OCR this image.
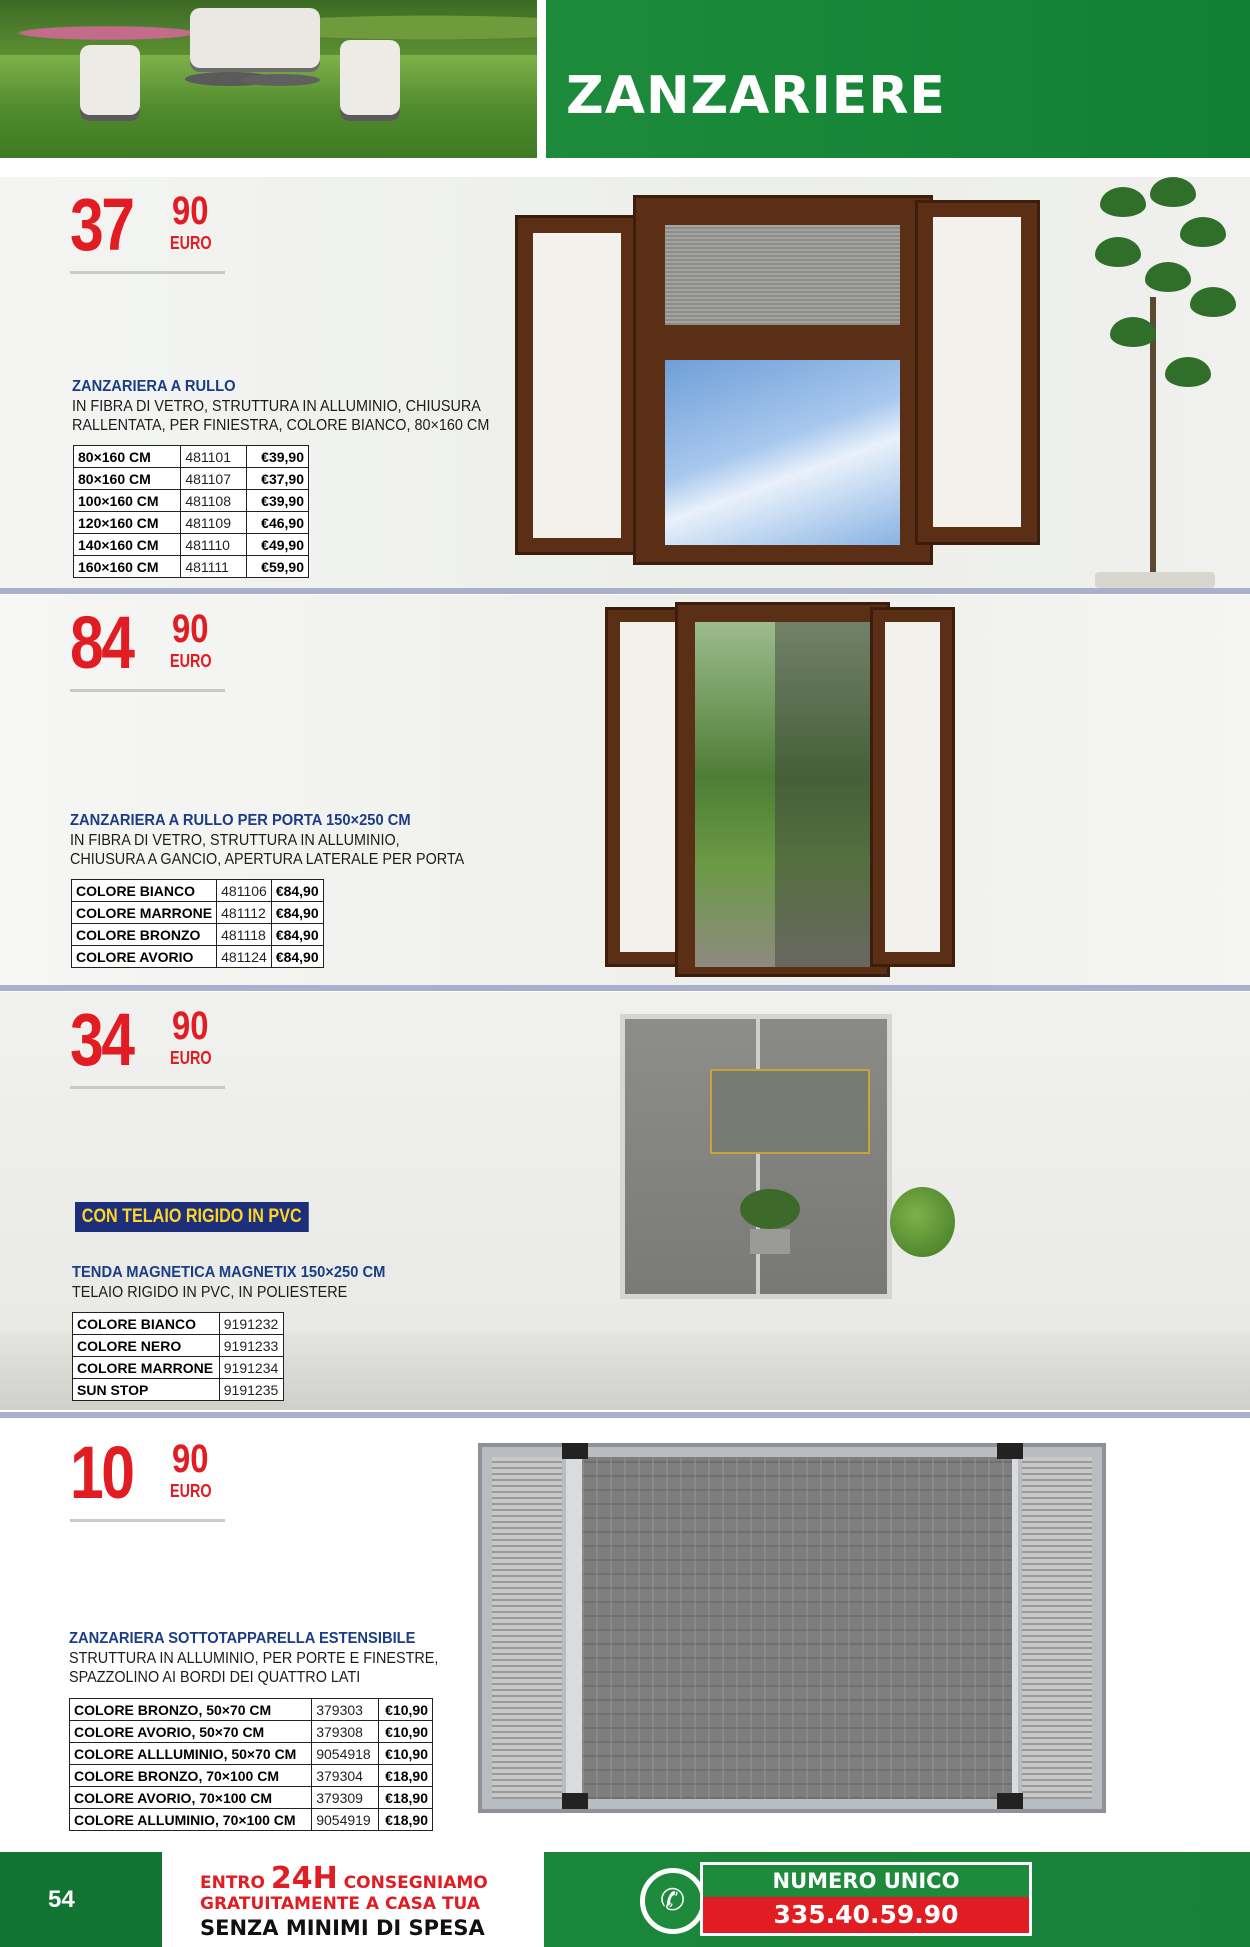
ZANZARIERE
37 90
EURO
ZANZARIERA A RULLO
IN FIBRA DI VETRO, STRUTTURA IN ALLUMINIO, CHIUSURA
RALLENTATA, PER FINIESTRA, COLORE BIANCO, 80×160 CM
80×160 CM	481101	€39,90
80×160 CM	481107	€37,90
100×160 CM	481108	€39,90
120×160 CM	481109	€46,90
140×160 CM	481110	€49,90
160×160 CM	481111	€59,90
84 90
EURO
ZANZARIERA A RULLO PER PORTA 150×250 CM
IN FIBRA DI VETRO, STRUTTURA IN ALLUMINIO,
CHIUSURA A GANCIO, APERTURA LATERALE PER PORTA
COLORE BIANCO	481106	€84,90
COLORE MARRONE	481112	€84,90
COLORE BRONZO	481118	€84,90
COLORE AVORIO	481124	€84,90
34 90
EURO
CON TELAIO RIGIDO IN PVC
TENDA MAGNETICA MAGNETIX 150×250 CM
TELAIO RIGIDO IN PVC, IN POLIESTERE
COLORE BIANCO	9191232
COLORE NERO	9191233
COLORE MARRONE	9191234
SUN STOP	9191235
10 90
EURO
ZANZARIERA SOTTOTAPPARELLA ESTENSIBILE
STRUTTURA IN ALLUMINIO, PER PORTE E FINESTRE,
SPAZZOLINO AI BORDI DEI QUATTRO LATI
COLORE BRONZO, 50×70 CM	379303	€10,90
COLORE AVORIO, 50×70 CM	379308	€10,90
COLORE ALLLUMINIO, 50×70 CM	9054918	€10,90
COLORE BRONZO, 70×100 CM	379304	€18,90
COLORE AVORIO, 70×100 CM	379309	€18,90
COLORE ALLUMINIO, 70×100 CM	9054919	€18,90
54
ENTRO 24H CONSEGNIAMO
GRATUITAMENTE A CASA TUA
SENZA MINIMI DI SPESA
✆
NUMERO UNICO
335.40.59.90
